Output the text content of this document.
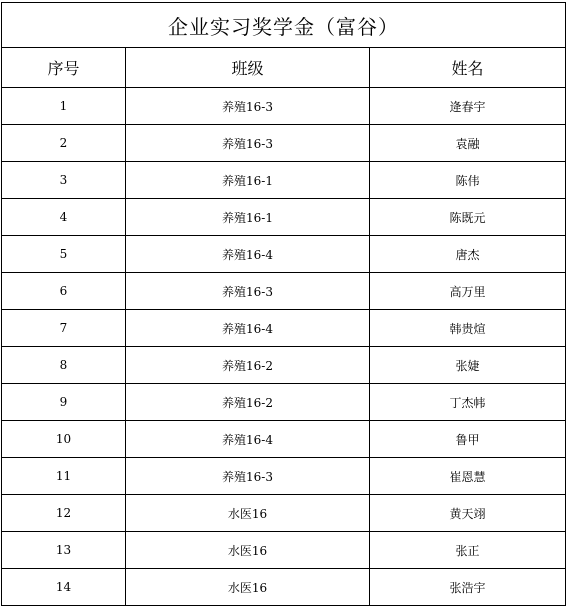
企业实习奖学金（富谷）		
序号	班级	姓名
1	养殖16-3	逄春宇
2	养殖16-3	袁融
3	养殖16-1	陈伟
4	养殖16-1	陈既元
5	养殖16-4	唐杰
6	养殖16-3	高万里
7	养殖16-4	韩贵煊
8	养殖16-2	张婕
9	养殖16-2	丁杰帏
10	养殖16-4	鲁甲
11	养殖16-3	崔恩慧
12	水医16	黄天翊
13	水医16	张正
14	水医16	张浩宇
